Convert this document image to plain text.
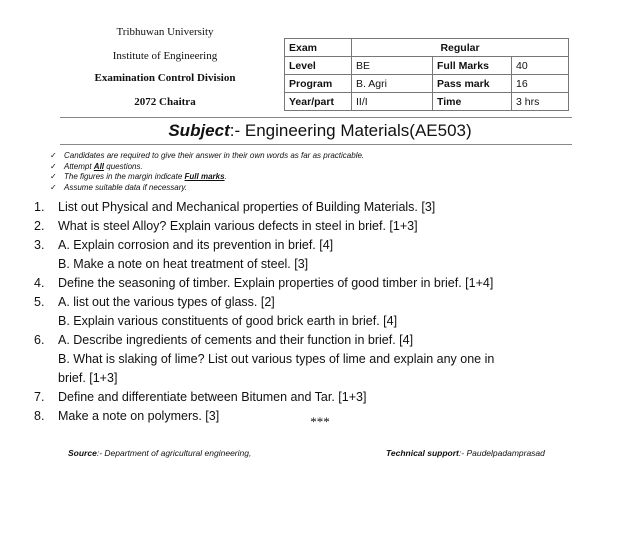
Tribhuwan University
Institute of Engineering
Examination Control Division
2072 Chaitra
Exam	Regular		
Level	BE	Full Marks	40
Program	B. Agri	Pass mark	16
Year/part	II/I	Time	3 hrs
Subject:- Engineering Materials(AE503)
✓ Candidates are required to give their answer in their own words as far as practicable.
✓ Attempt All questions.
✓ The figures in the margin indicate Full marks.
✓ Assume suitable data if necessary.
1.	List out Physical and Mechanical properties of Building Materials. [3]
2.	What is steel Alloy? Explain various defects in steel in brief. [1+3]
3.	A. Explain corrosion and its prevention in brief. [4]
B. Make a note on heat treatment of steel. [3]
4.	Define the seasoning of timber. Explain properties of good timber in brief. [1+4]
5.	A. list out the various types of glass. [2]
B. Explain various constituents of good brick earth in brief. [4]
6.	A. Describe ingredients of cements and their function in brief. [4]
B. What is slaking of lime? List out various types of lime and explain any one in
brief. [1+3]
7.	Define and differentiate between Bitumen and Tar. [1+3]
8.	Make a note on polymers. [3]	***
Source:- Department of agricultural engineering,	Technical support:- Paudelpadamprasad
